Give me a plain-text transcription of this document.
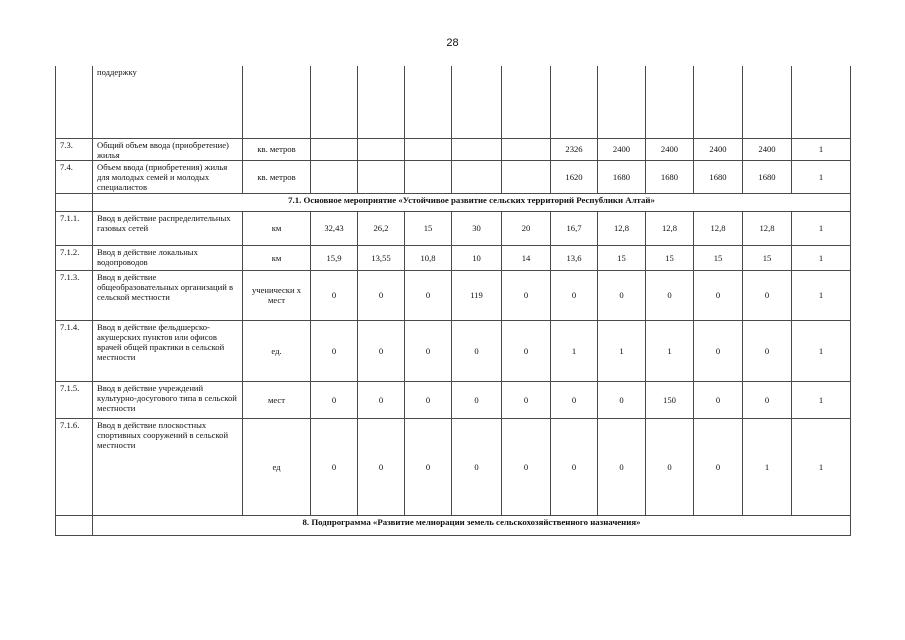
28
	поддержку												
7.3.	Общий объем ввода (приобретение) жилья	кв. метров						2326	2400	2400	2400	2400	1
7.4.	Объем ввода (приобретения) жилья для молодых семей и молодых специалистов	кв. метров						1620	1680	1680	1680	1680	1
	7.1. Основное мероприятие «Устойчивое развитие сельских территорий Республики Алтай»												
7.1.1.	Ввод в действие распределительных газовых сетей	км	32,43	26,2	15	30	20	16,7	12,8	12,8	12,8	12,8	1
7.1.2.	Ввод в действие локальных водопроводов	км	15,9	13,55	10,8	10	14	13,6	15	15	15	15	1
7.1.3.	Ввод в действие общеобразовательных организаций в сельской местности	ученически х мест	0	0	0	119	0	0	0	0	0	0	1
7.1.4.	Ввод в действие фельдшерско-акушерских пунктов или офисов врачей общей практики в сельской местности	ед.	0	0	0	0	0	1	1	1	0	0	1
7.1.5.	Ввод в действие учреждений культурно-досугового типа в сельской местности	мест	0	0	0	0	0	0	0	150	0	0	1
7.1.6.	Ввод в действие плоскостных спортивных сооружений в сельской местности	ед	0	0	0	0	0	0	0	0	0	1	1
	8. Подпрограмма «Развитие мелиорации земель сельскохозяйственного назначения»												
